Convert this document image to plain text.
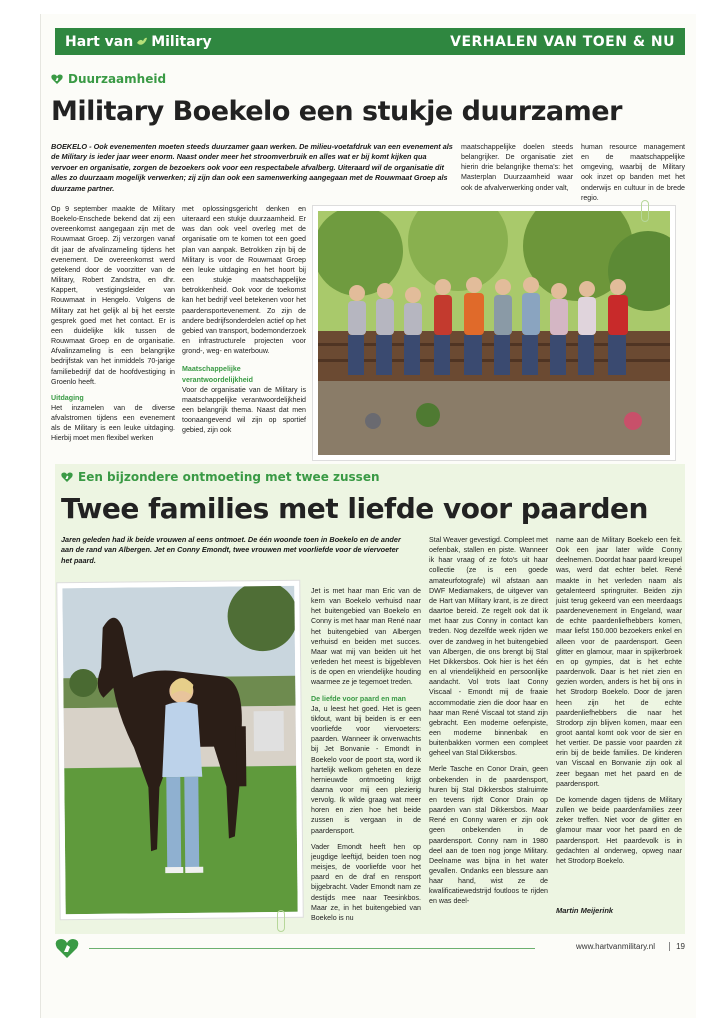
Hart van Military	VERHALEN VAN TOEN & NU
Duurzaamheid
Military Boekelo een stukje duurzamer
BOEKELO - Ook evenementen moeten steeds duurzamer gaan werken. De milieu-voetafdruk van een evenement als de Military is ieder jaar weer enorm. Naast onder meer het stroomverbruik en alles wat er bij komt kijken qua vervoer en organisatie, zorgen de bezoekers ook voor een respectabele afvalberg. Uiteraard wil de organisatie dit alles zo duurzaam mogelijk verwerken; zij zijn dan ook een samenwerking aangegaan met de Rouwmaat Groep als duurzame partner.
maatschappelijke doelen steeds belangrijker. De organisatie ziet hierin drie belangrijke thema's: het Masterplan Duurzaamheid waar ook de afvalverwerking onder valt,
human resource management en de maatschappelijke omgeving, waarbij de Military ook inzet op banden met het onderwijs en cultuur in de brede regio.

Op 9 september maakte de Military Boekelo-Enschede bekend dat zij een overeenkomst aangegaan zijn met de Rouwmaat Groep. Zij verzorgen vanaf dit jaar de afvalinzameling tijdens het evenement. De overeenkomst werd getekend door de voorzitter van de Military, Robert Zandstra, en dhr. Kappert, vestigingsleider van Rouwmaat in Hengelo. Volgens de Military zat het gelijk al bij het eerste gesprek goed met het contact. Er is een duidelijke klik tussen de Rouwmaat Groep en de organisatie. Afvalinzameling is een belangrijke bedrijfstak van het inmiddels 70-jarige familiebedrijf dat de hoofdvestiging in Groenlo heeft.

Uitdaging

Het inzamelen van de diverse afvalstromen tijdens een evenement als de Military is een leuke uitdaging. Hierbij moet men flexibel werken

met oplossingsgericht denken en uiteraard een stukje duurzaamheid. Er was dan ook veel overleg met de organisatie om te komen tot een goed plan van aanpak. Betrokken zijn bij de Military is voor de Rouwmaat Groep een leuke uitdaging en het hoort bij een stukje maatschappelijke betrokkenheid. Ook voor de toekomst kan het bedrijf veel betekenen voor het paardensportevenement. Zo zijn de andere bedrijfsonderdelen actief op het gebied van transport, bodemonderzoek en infrastructurele projecten voor grond-, weg- en waterbouw.

Maatschappelijke verantwoordelijkheid

Voor de organisatie van de Military is maatschappelijke verantwoordelijkheid een belangrijk thema. Naast dat men toonaangevend wil zijn op sportief gebied, zijn ook

Een bijzondere ontmoeting met twee zussen
Twee families met liefde voor paarden
Jaren geleden had ik beide vrouwen al eens ontmoet. De één woonde toen in Boekelo en de ander aan de rand van Albergen. Jet en Conny Emondt, twee vrouwen met voorliefde voor de viervoeter het paard.

Jet is met haar man Eric van de kern van Boekelo verhuisd naar het buitengebied van Boekelo en Conny is met haar man René naar het buitengebied van Albergen verhuisd en beiden met succes. Maar wat mij van beiden uit het verleden het meest is bijgebleven is de open en vriendelijke houding waarmee ze je tegemoet treden.

De liefde voor paard en man

Ja, u leest het goed. Het is geen tikfout, want bij beiden is er een voorliefde voor viervoeters: paarden. Wanneer ik onverwachts bij Jet Bonvanie - Emondt in Boekelo voor de poort sta, word ik hartelijk welkom geheten en deze hernieuwde ontmoeting krijgt daarna voor mij een plezierig vervolg. Ik wilde graag wat meer horen en zien hoe het beide zussen is vergaan in de paardensport.

Vader Emondt heeft hen op jeugdige leeftijd, beiden toen nog meisjes, de voorliefde voor het paard en de draf en rensport bijgebracht. Vader Emondt nam ze destijds mee naar Teesinkbos. Maar ze, in het buitengebied van Boekelo is nu

Stal Weaver gevestigd. Compleet met oefenbak, stallen en piste. Wanneer ik haar vraag of ze foto's uit haar collectie (ze is een goede amateurfotografe) wil afstaan aan DWF Mediamakers, de uitgever van de Hart van Military krant, is ze direct daartoe bereid. Ze regelt ook dat ik met haar zus Conny in contact kan treden. Nog dezelfde week rijden we over de zandweg in het buitengebied van Albergen, die ons brengt bij Stal Het Dikkersbos. Ook hier is het één en al vriendelijkheid en persoonlijke aandacht. Vol trots laat Conny Viscaal - Emondt mij de fraaie accommodatie zien die door haar en haar man René Viscaal tot stand zijn gebracht. Een moderne oefenpiste, een moderne binnenbak en buitenbakken vormen een compleet geheel van Stal Dikkersbos.

Merle Tasche en Conor Drain, geen onbekenden in de paardensport, huren bij Stal Dikkersbos stalruimte en tevens rijdt Conor Drain op paarden van stal Dikkersbos. Maar René en Conny waren er zijn ook geen onbekenden in de paardensport. Conny nam in 1980 deel aan de toen nog jonge Military. Deelname was bijna in het water gevallen. Ondanks een blessure aan haar hand, wist ze de kwalificatiewedstrijd foutloos te rijden en was deel-

name aan de Military Boekelo een feit. Ook een jaar later wilde Conny deelnemen. Doordat haar paard kreupel was, werd dat echter belet. René maakte in het verleden naam als getalenteerd springruiter. Beiden zijn juist terug gekeerd van een meerdaags paardenevenement in Engeland, waar de echte paardenliefhebbers komen, maar liefst 150.000 bezoekers enkel en alleen voor de paardensport. Geen glitter en glamour, maar in spijkerbroek en op gympies, dat is het echte paardenvolk. Daar is het niet zien en gezien worden, anders is het bij ons in het Strodorp Boekelo. Door de jaren heen zijn het de echte paardenliefhebbers die naar het Strodorp zijn blijven komen, maar een groot aantal komt ook voor de sier en het vertier. De passie voor paarden zit erin bij de beide families. De kinderen van Viscaal en Bonvanie zijn ook al zeer begaan met het paard en de paardensport.

De komende dagen tijdens de Military zullen we beide paardenfamilies zeer zeker treffen. Niet voor de glitter en glamour maar voor het paard en de paardensport. Het paardevolk is in gedachten al onderweg, opweg naar het Strodorp Boekelo.

Martin Meijerink
www.hartvanmilitary.nl	19
